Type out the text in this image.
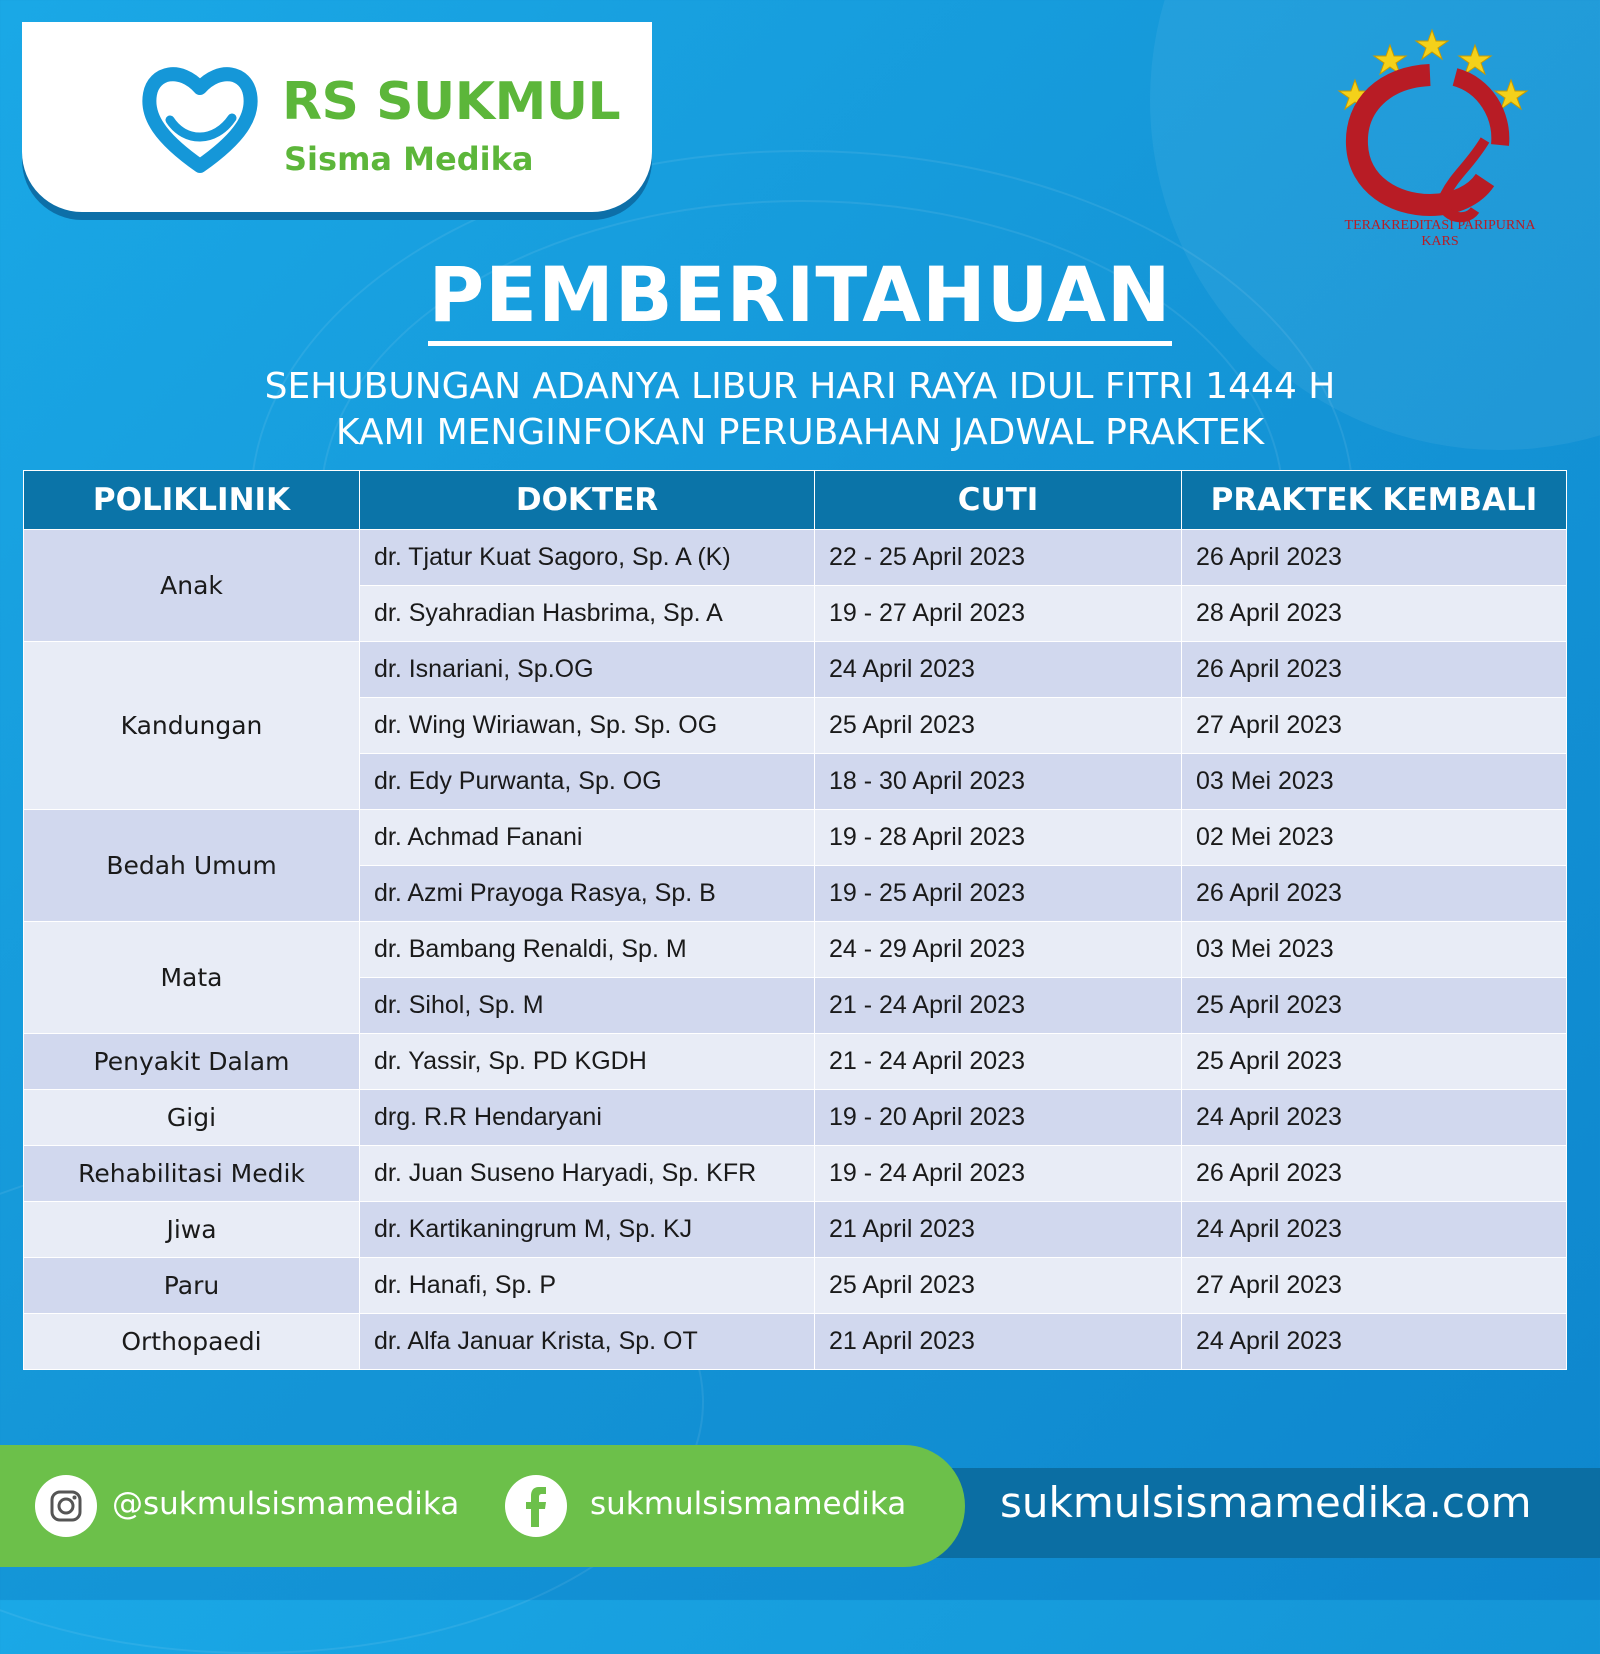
RS SUKMUL
Sisma Medika
TERAKREDITASI PARIPURNA
KARS
PEMBERITAHUAN
SEHUBUNGAN ADANYA LIBUR HARI RAYA IDUL FITRI 1444 H
KAMI MENGINFOKAN PERUBAHAN JADWAL PRAKTEK
POLIKLINIK	DOKTER	CUTI	PRAKTEK KEMBALI
Anak	dr. Tjatur Kuat Sagoro, Sp. A (K)	22 - 25 April 2023	26 April 2023
	dr. Syahradian Hasbrima, Sp. A	19 - 27 April 2023	28 April 2023
Kandungan	dr. Isnariani, Sp.OG	24 April 2023	26 April 2023
	dr. Wing Wiriawan, Sp. Sp. OG	25 April 2023	27 April 2023
	dr. Edy Purwanta, Sp. OG	18 - 30 April 2023	03 Mei 2023
Bedah Umum	dr. Achmad Fanani	19 - 28 April 2023	02 Mei 2023
	dr. Azmi Prayoga Rasya, Sp. B	19 - 25 April 2023	26 April 2023
Mata	dr. Bambang Renaldi, Sp. M	24 - 29 April 2023	03 Mei 2023
	dr. Sihol, Sp. M	21 - 24 April 2023	25 April 2023
Penyakit Dalam	dr. Yassir, Sp. PD KGDH	21 - 24 April 2023	25 April 2023
Gigi	drg. R.R Hendaryani	19 - 20 April 2023	24 April 2023
Rehabilitasi Medik	dr. Juan Suseno Haryadi, Sp. KFR	19 - 24 April 2023	26 April 2023
Jiwa	dr. Kartikaningrum M, Sp. KJ	21 April 2023	24 April 2023
Paru	dr. Hanafi, Sp. P	25 April 2023	27 April 2023
Orthopaedi	dr. Alfa Januar Krista, Sp. OT	21 April 2023	24 April 2023
@sukmulsismamedika	sukmulsismamedika sukmulsismamedika.com
